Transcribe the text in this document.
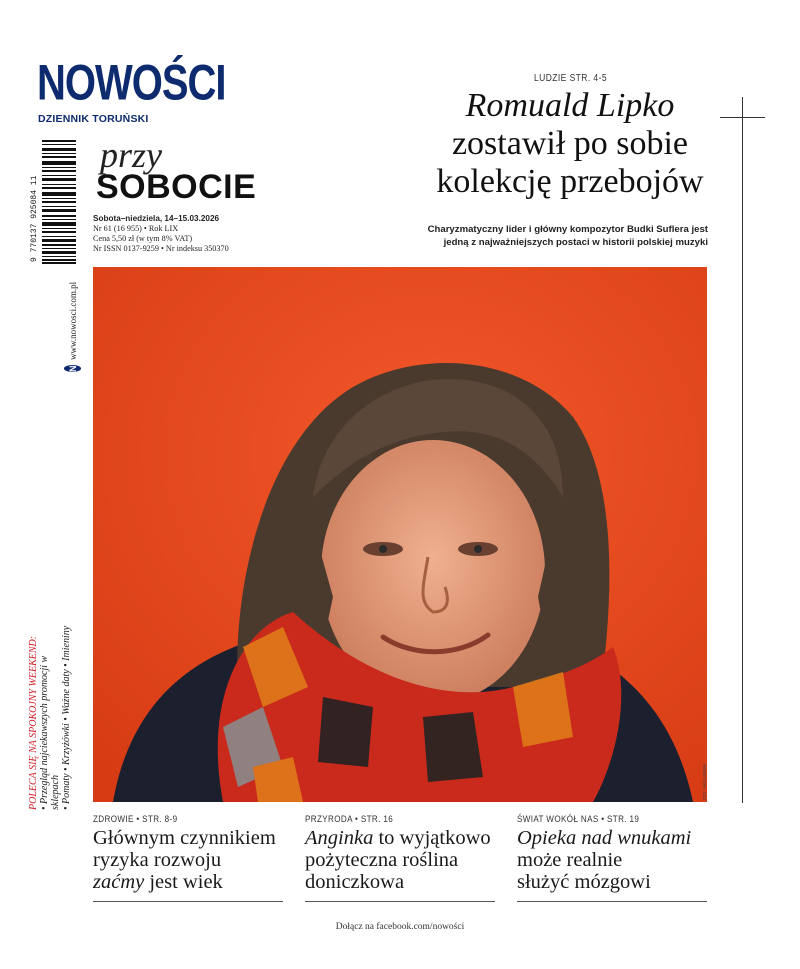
NOWOŚCI
DZIENNIK TORUŃSKI
9 770137 925084 11
przy
SOBOCIE
Sobota–niedziela, 14–15.03.2026
Nr 61 (16 955) • Rok LIX
Cena 5,50 zł (w tym 8% VAT)
Nr ISSN 0137-9259 • Nr indeksu 350370
N
www.nowosci.com.pl
POLECA SIĘ NA SPOKOJNY WEEKEND: • Przegląd najciekawszych promocji w sklepach • Pomaty • Krzyżówki • Ważne daty • Imieniny
LUDZIE STR. 4-5
Romuald Lipko
zostawił po sobie
kolekcję przebojów
Charyzmatyczny lider i główny kompozytor Budki Suflera jest
jedną z najważniejszych postaci w historii polskiej muzyki
FOT. ARCHIWUM
ZDROWIE • STR. 8-9
Głównym czynnikiem
ryzyka rozwoju
zaćmy jest wiek
PRZYRODA • STR. 16
Anginka to wyjątkowo
pożyteczna roślina
doniczkowa
ŚWIAT WOKÓŁ NAS • STR. 19
Opieka nad wnukami
może realnie
służyć mózgowi
Dołącz na facebook.com/nowości
